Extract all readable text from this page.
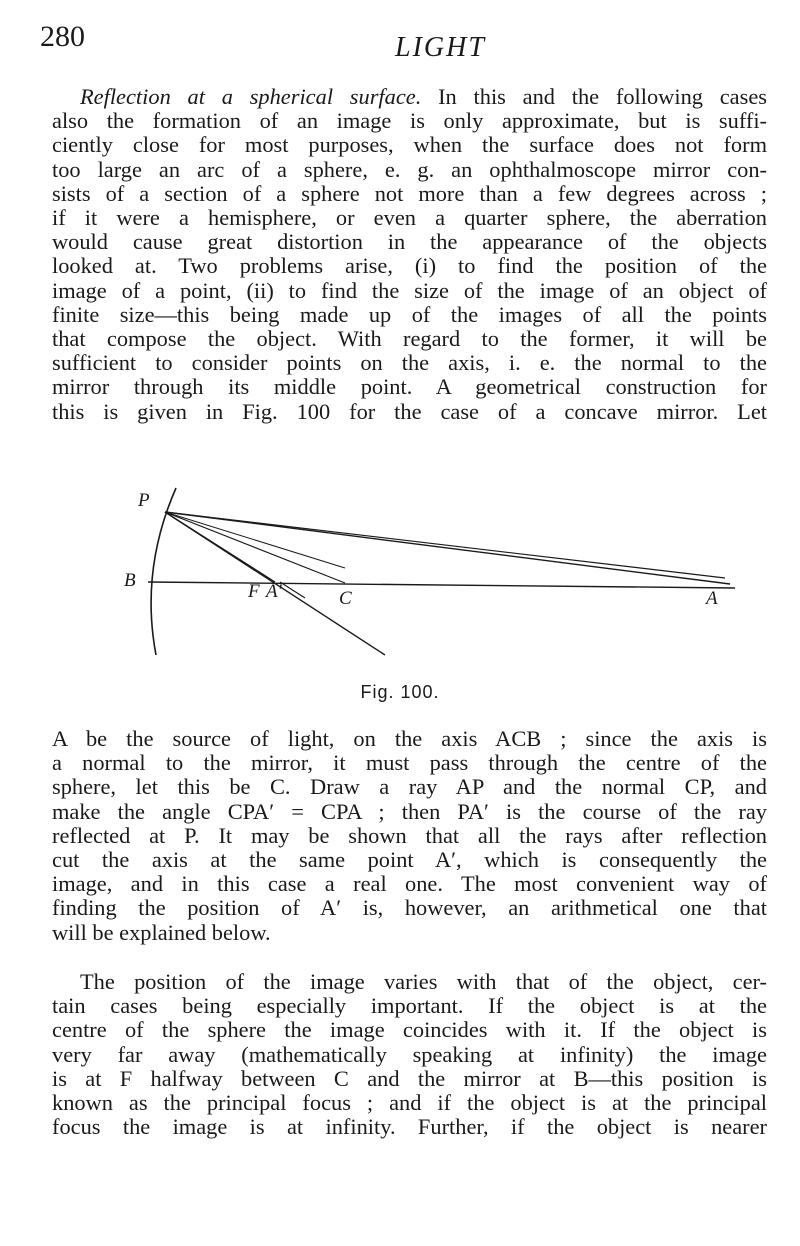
280	LIGHT
Reflection at a spherical surface. In this and the following cases
also the formation of an image is only approximate, but is suffi-
ciently close for most purposes, when the surface does not form
too large an arc of a sphere, e. g. an ophthalmoscope mirror con-
sists of a section of a sphere not more than a few degrees across ;
if it were a hemisphere, or even a quarter sphere, the aberration
would cause great distortion in the appearance of the objects
looked at. Two problems arise, (i) to find the position of the
image of a point, (ii) to find the size of the image of an object of
finite size—this being made up of the images of all the points
that compose the object. With regard to the former, it will be
sufficient to consider points on the axis, i. e. the normal to the
mirror through its middle point. A geometrical construction for
this is given in Fig. 100 for the case of a concave mirror. Let
P
B
F A′	C	A
Fig. 100.
A be the source of light, on the axis ACB ; since the axis is
a normal to the mirror, it must pass through the centre of the
sphere, let this be C. Draw a ray AP and the normal CP, and
make the angle CPA′ = CPA ; then PA′ is the course of the ray
reflected at P. It may be shown that all the rays after reflection
cut the axis at the same point A′, which is consequently the
image, and in this case a real one. The most convenient way of
finding the position of A′ is, however, an arithmetical one that
will be explained below.
The position of the image varies with that of the object, cer-
tain cases being especially important. If the object is at the
centre of the sphere the image coincides with it. If the object is
very far away (mathematically speaking at infinity) the image
is at F halfway between C and the mirror at B—this position is
known as the principal focus ; and if the object is at the principal
focus the image is at infinity. Further, if the object is nearer
